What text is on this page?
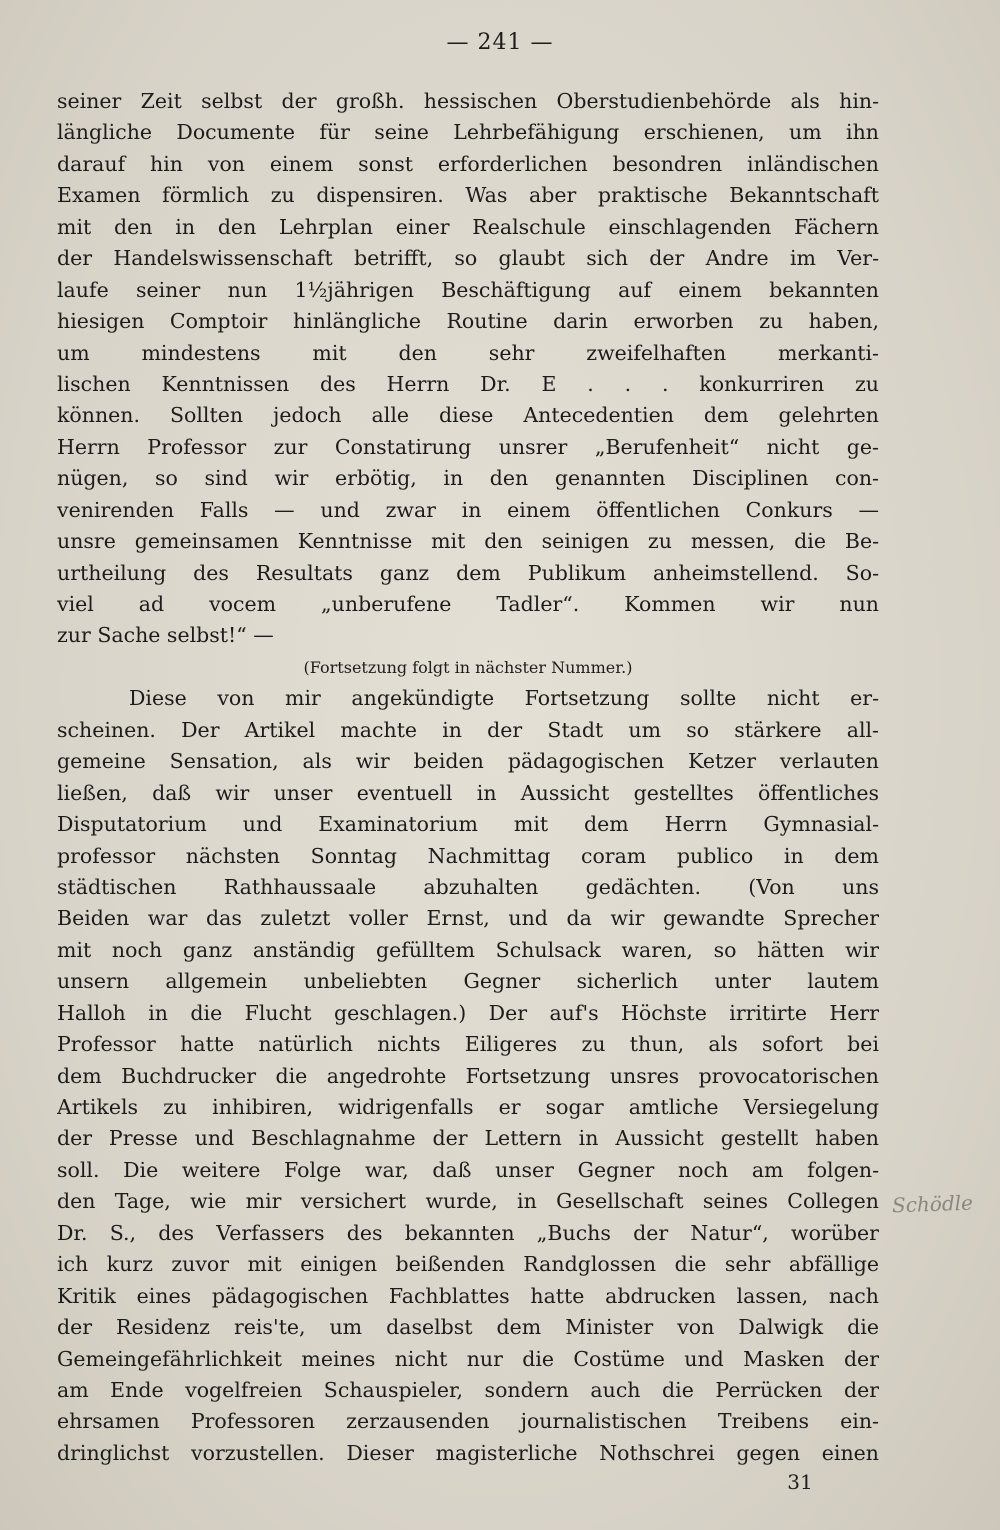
— 241 —
seiner Zeit selbst der großh. hessischen Oberstudienbehörde als hin-
längliche Documente für seine Lehrbefähigung erschienen, um ihn
darauf hin von einem sonst erforderlichen besondren inländischen
Examen förmlich zu dispensiren. Was aber praktische Bekanntschaft
mit den in den Lehrplan einer Realschule einschlagenden Fächern
der Handelswissenschaft betrifft, so glaubt sich der Andre im Ver-
laufe seiner nun 1½jährigen Beschäftigung auf einem bekannten
hiesigen Comptoir hinlängliche Routine darin erworben zu haben,
um mindestens mit den sehr zweifelhaften merkanti-
lischen Kenntnissen des Herrn Dr. E . . . konkurriren zu
können. Sollten jedoch alle diese Antecedentien dem gelehrten
Herrn Professor zur Constatirung unsrer „Berufenheit“ nicht ge-
nügen, so sind wir erbötig, in den genannten Disciplinen con-
venirenden Falls — und zwar in einem öffentlichen Conkurs —
unsre gemeinsamen Kenntnisse mit den seinigen zu messen, die Be-
urtheilung des Resultats ganz dem Publikum anheimstellend. So-
viel ad vocem „unberufene Tadler“. Kommen wir nun
zur Sache selbst!“ —
(Fortsetzung folgt in nächster Nummer.)
Diese von mir angekündigte Fortsetzung sollte nicht er-
scheinen. Der Artikel machte in der Stadt um so stärkere all-
gemeine Sensation, als wir beiden pädagogischen Ketzer verlauten
ließen, daß wir unser eventuell in Aussicht gestelltes öffentliches
Disputatorium und Examinatorium mit dem Herrn Gymnasial-
professor nächsten Sonntag Nachmittag coram publico in dem
städtischen Rathhaussaale abzuhalten gedächten. (Von uns
Beiden war das zuletzt voller Ernst, und da wir gewandte Sprecher
mit noch ganz anständig gefülltem Schulsack waren, so hätten wir
unsern allgemein unbeliebten Gegner sicherlich unter lautem
Halloh in die Flucht geschlagen.) Der auf's Höchste irritirte Herr
Professor hatte natürlich nichts Eiligeres zu thun, als sofort bei
dem Buchdrucker die angedrohte Fortsetzung unsres provocatorischen
Artikels zu inhibiren, widrigenfalls er sogar amtliche Versiegelung
der Presse und Beschlagnahme der Lettern in Aussicht gestellt haben
soll. Die weitere Folge war, daß unser Gegner noch am folgen-
den Tage, wie mir versichert wurde, in Gesellschaft seines Collegen
Dr. S., des Verfassers des bekannten „Buchs der Natur“, worüber
ich kurz zuvor mit einigen beißenden Randglossen die sehr abfällige
Kritik eines pädagogischen Fachblattes hatte abdrucken lassen, nach
der Residenz reis'te, um daselbst dem Minister von Dalwigk die
Gemeingefährlichkeit meines nicht nur die Costüme und Masken der
am Ende vogelfreien Schauspieler, sondern auch die Perrücken der
ehrsamen Professoren zerzausenden journalistischen Treibens ein-
dringlichst vorzustellen. Dieser magisterliche Nothschrei gegen einen
Schödle
31
